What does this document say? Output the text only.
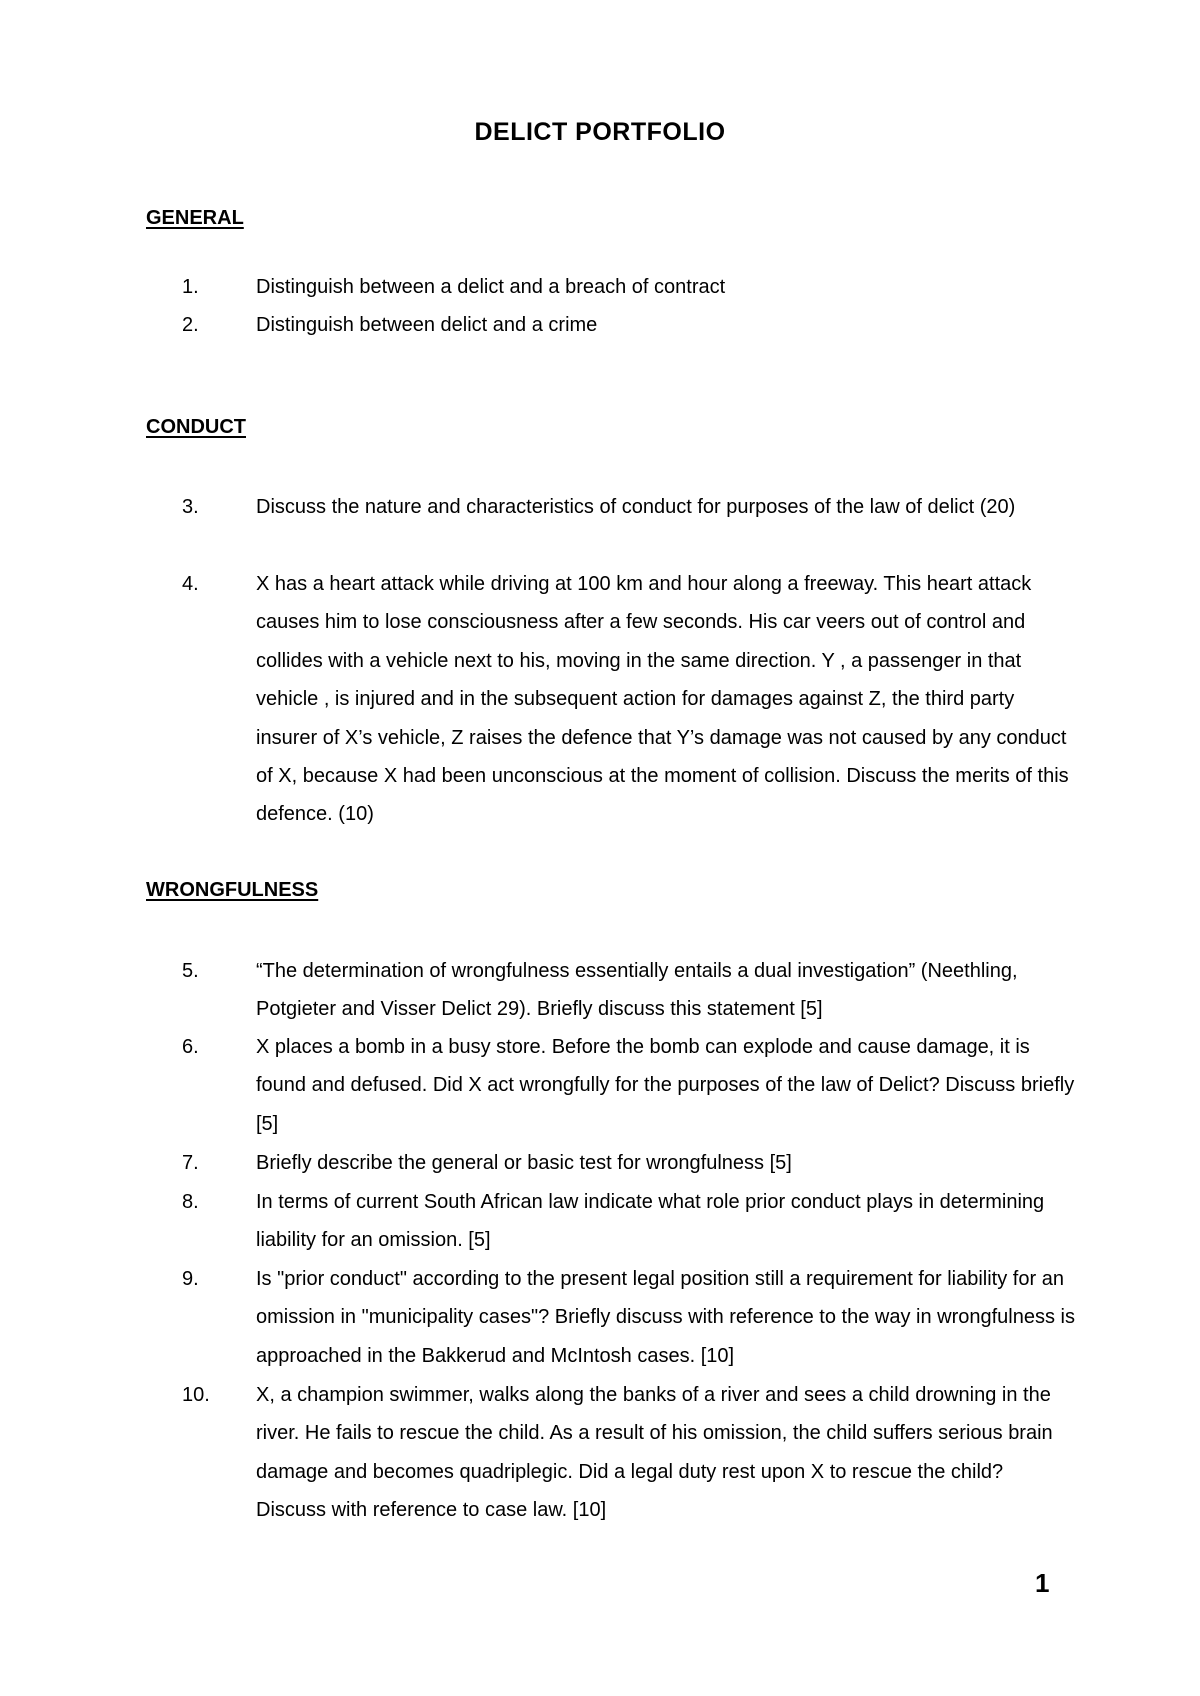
DELICT PORTFOLIO
GENERAL
1.	Distinguish between a delict and a breach of contract
2.	Distinguish between delict and a crime
CONDUCT
3.	Discuss the nature and characteristics of conduct for purposes of the law of delict (20)
4.	X has a heart attack while driving at 100 km and hour along a freeway. This heart attack causes him to lose consciousness after a few seconds. His car veers out of control and collides with a vehicle next to his, moving in the same direction. Y , a passenger in that vehicle , is injured and in the subsequent action for damages against Z, the third party insurer of X’s vehicle, Z raises the defence that Y’s damage was not caused by any conduct of X, because X had been unconscious at the moment of collision. Discuss the merits of this defence. (10)
WRONGFULNESS
5.	“The determination of wrongfulness essentially entails a dual investigation” (Neethling, Potgieter and Visser Delict 29). Briefly discuss this statement [5]
6.	X places a bomb in a busy store. Before the bomb can explode and cause damage, it is found and defused. Did X act wrongfully for the purposes of the law of Delict? Discuss briefly [5]
7.	Briefly describe the general or basic test for wrongfulness [5]
8.	In terms of current South African law indicate what role prior conduct plays in determining liability for an omission. [5]
9.	Is "prior conduct" according to the present legal position still a requirement for liability for an omission in "municipality cases"? Briefly discuss with reference to the way in wrongfulness is approached in the Bakkerud and McIntosh cases. [10]
10.	X, a champion swimmer, walks along the banks of a river and sees a child drowning in the river. He fails to rescue the child. As a result of his omission, the child suffers serious brain damage and becomes quadriplegic. Did a legal duty rest upon X to rescue the child? Discuss with reference to case law. [10]
1
